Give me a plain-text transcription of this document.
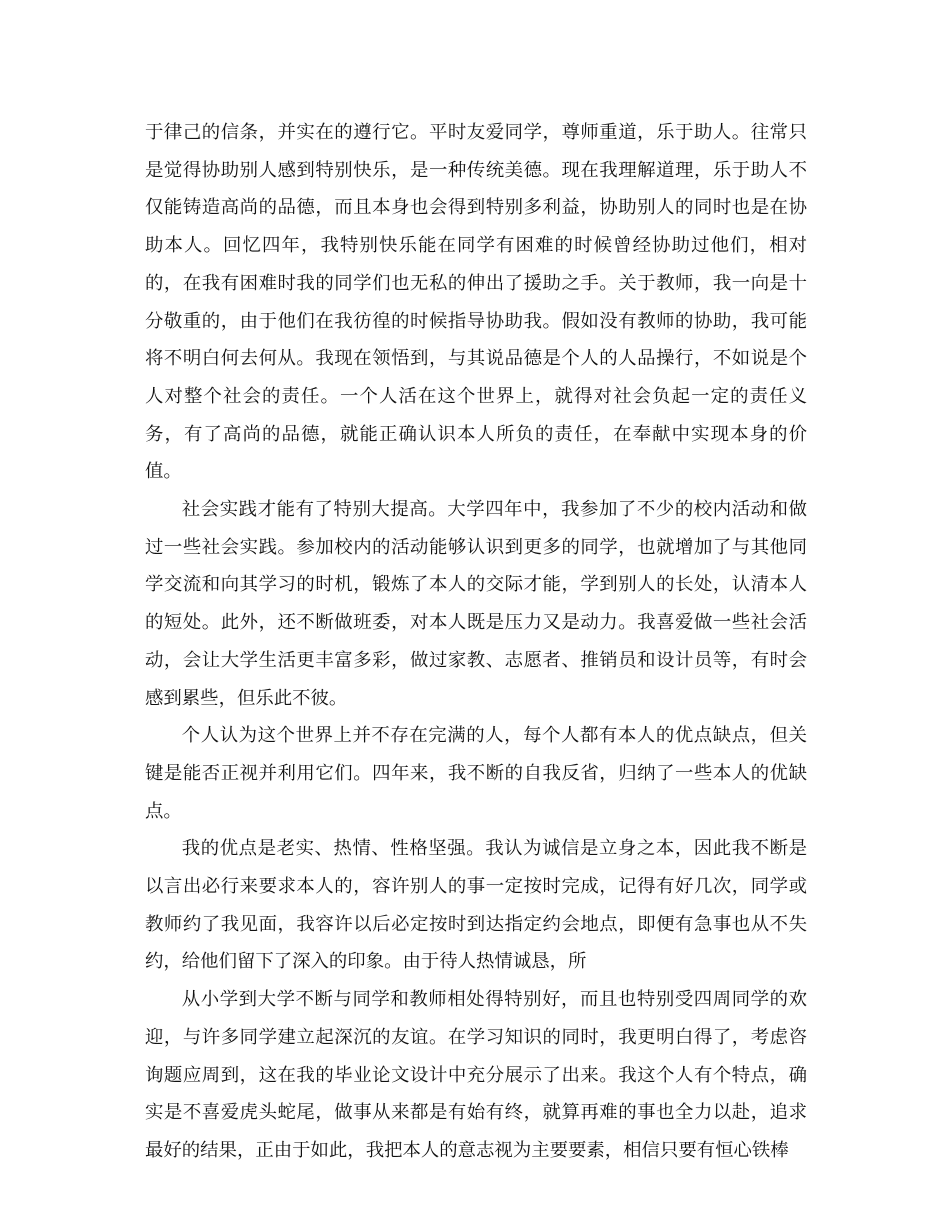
于律己的信条，并实在的遵行它。平时友爱同学，尊师重道，乐于助人。往常只是觉得协助别人感到特别快乐，是一种传统美德。现在我理解道理，乐于助人不仅能铸造高尚的品德，而且本身也会得到特别多利益，协助别人的同时也是在协助本人。回忆四年，我特别快乐能在同学有困难的时候曾经协助过他们，相对的，在我有困难时我的同学们也无私的伸出了援助之手。关于教师，我一向是十分敬重的，由于他们在我彷徨的时候指导协助我。假如没有教师的协助，我可能将不明白何去何从。我现在领悟到，与其说品德是个人的人品操行，不如说是个人对整个社会的责任。一个人活在这个世界上，就得对社会负起一定的责任义务，有了高尚的品德，就能正确认识本人所负的责任，在奉献中实现本身的价值。

社会实践才能有了特别大提高。大学四年中，我参加了不少的校内活动和做过一些社会实践。参加校内的活动能够认识到更多的同学，也就增加了与其他同学交流和向其学习的时机，锻炼了本人的交际才能，学到别人的长处，认清本人的短处。此外，还不断做班委，对本人既是压力又是动力。我喜爱做一些社会活动，会让大学生活更丰富多彩，做过家教、志愿者、推销员和设计员等，有时会感到累些，但乐此不彼。

个人认为这个世界上并不存在完满的人，每个人都有本人的优点缺点，但关键是能否正视并利用它们。四年来，我不断的自我反省，归纳了一些本人的优缺点。

我的优点是老实、热情、性格坚强。我认为诚信是立身之本，因此我不断是以言出必行来要求本人的，容许别人的事一定按时完成，记得有好几次，同学或教师约了我见面，我容许以后必定按时到达指定约会地点，即便有急事也从不失约，给他们留下了深入的印象。由于待人热情诚恳，所

从小学到大学不断与同学和教师相处得特别好，而且也特别受四周同学的欢迎，与许多同学建立起深沉的友谊。在学习知识的同时，我更明白得了，考虑咨询题应周到，这在我的毕业论文设计中充分展示了出来。我这个人有个特点，确实是不喜爱虎头蛇尾，做事从来都是有始有终，就算再难的事也全力以赴，追求最好的结果，正由于如此，我把本人的意志视为主要要素，相信只要有恒心铁棒
